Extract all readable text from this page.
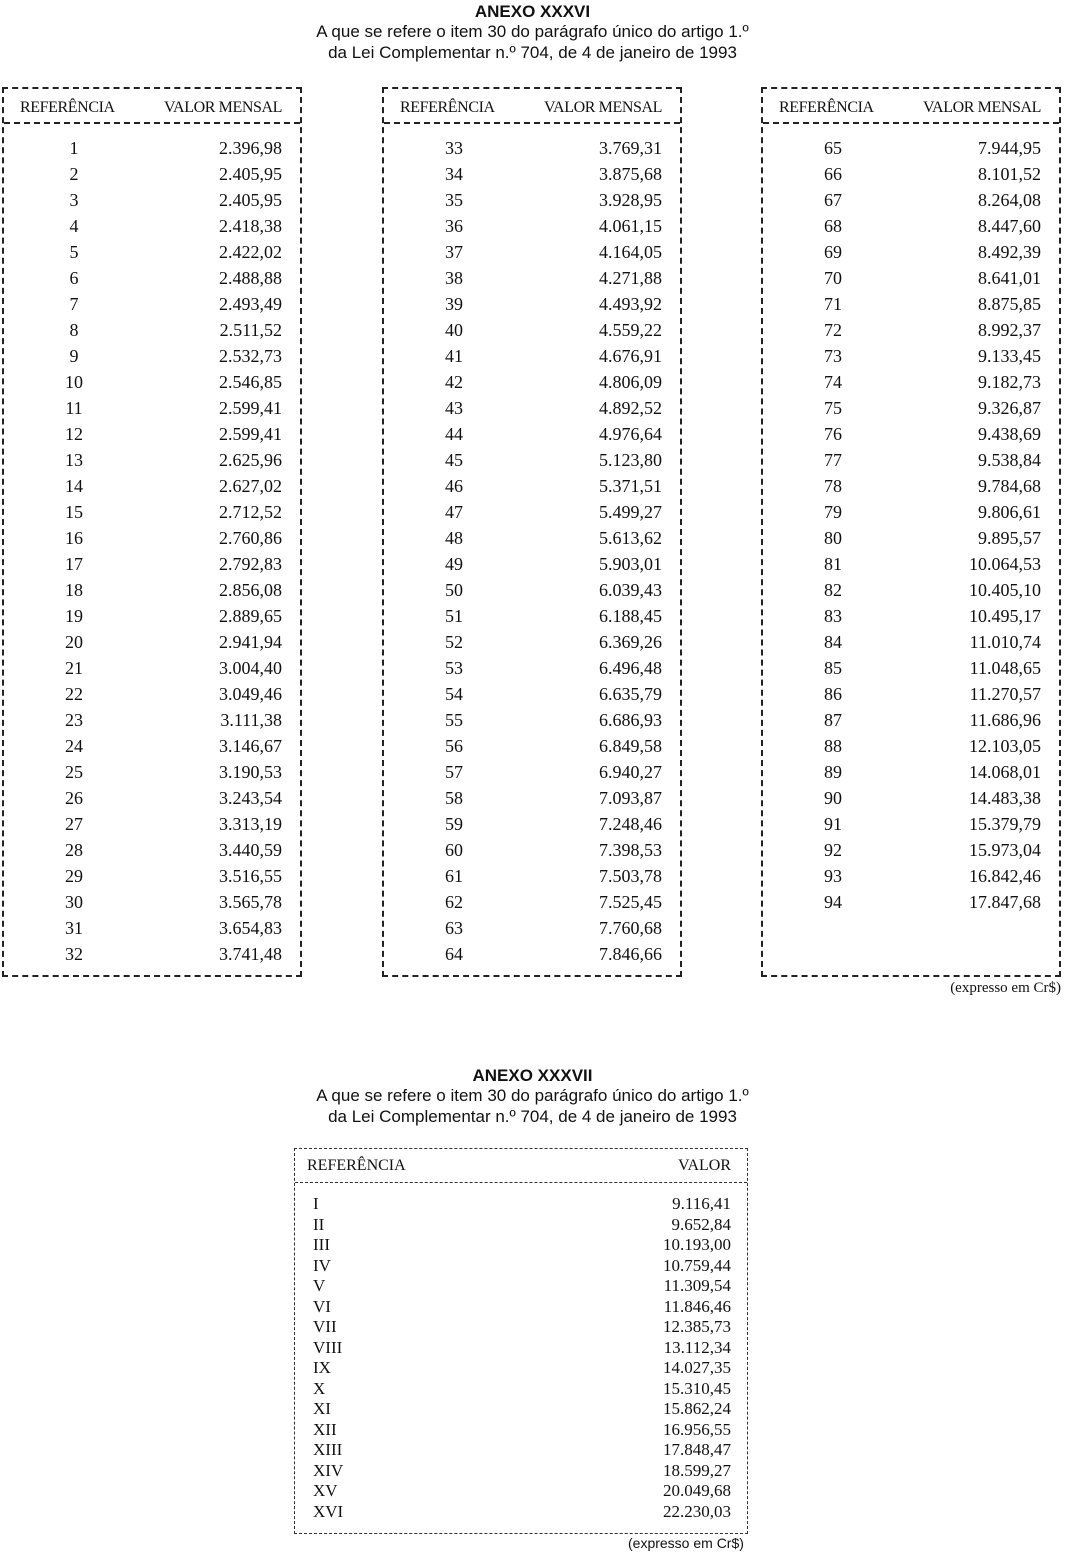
ANEXO XXXVI
A que se refere o item 30 do parágrafo único do artigo 1.º
da Lei Complementar n.º 704, de 4 de janeiro de 1993
REFERÊNCIA	VALOR MENSAL
1	2.396,98
2	2.405,95
3	2.405,95
4	2.418,38
5	2.422,02
6	2.488,88
7	2.493,49
8	2.511,52
9	2.532,73
10	2.546,85
11	2.599,41
12	2.599,41
13	2.625,96
14	2.627,02
15	2.712,52
16	2.760,86
17	2.792,83
18	2.856,08
19	2.889,65
20	2.941,94
21	3.004,40
22	3.049,46
23	3.111,38
24	3.146,67
25	3.190,53
26	3.243,54
27	3.313,19
28	3.440,59
29	3.516,55
30	3.565,78
31	3.654,83
32	3.741,48
REFERÊNCIA	VALOR MENSAL
33	3.769,31
34	3.875,68
35	3.928,95
36	4.061,15
37	4.164,05
38	4.271,88
39	4.493,92
40	4.559,22
41	4.676,91
42	4.806,09
43	4.892,52
44	4.976,64
45	5.123,80
46	5.371,51
47	5.499,27
48	5.613,62
49	5.903,01
50	6.039,43
51	6.188,45
52	6.369,26
53	6.496,48
54	6.635,79
55	6.686,93
56	6.849,58
57	6.940,27
58	7.093,87
59	7.248,46
60	7.398,53
61	7.503,78
62	7.525,45
63	7.760,68
64	7.846,66
REFERÊNCIA	VALOR MENSAL
65	7.944,95
66	8.101,52
67	8.264,08
68	8.447,60
69	8.492,39
70	8.641,01
71	8.875,85
72	8.992,37
73	9.133,45
74	9.182,73
75	9.326,87
76	9.438,69
77	9.538,84
78	9.784,68
79	9.806,61
80	9.895,57
81	10.064,53
82	10.405,10
83	10.495,17
84	11.010,74
85	11.048,65
86	11.270,57
87	11.686,96
88	12.103,05
89	14.068,01
90	14.483,38
91	15.379,79
92	15.973,04
93	16.842,46
94	17.847,68
(expresso em Cr$)
ANEXO XXXVII
A que se refere o item 30 do parágrafo único do artigo 1.º
da Lei Complementar n.º 704, de 4 de janeiro de 1993
REFERÊNCIA	VALOR
I	9.116,41
II	9.652,84
III	10.193,00
IV	10.759,44
V	11.309,54
VI	11.846,46
VII	12.385,73
VIII	13.112,34
IX	14.027,35
X	15.310,45
XI	15.862,24
XII	16.956,55
XIII	17.848,47
XIV	18.599,27
XV	20.049,68
XVI	22.230,03
(expresso em Cr$)
